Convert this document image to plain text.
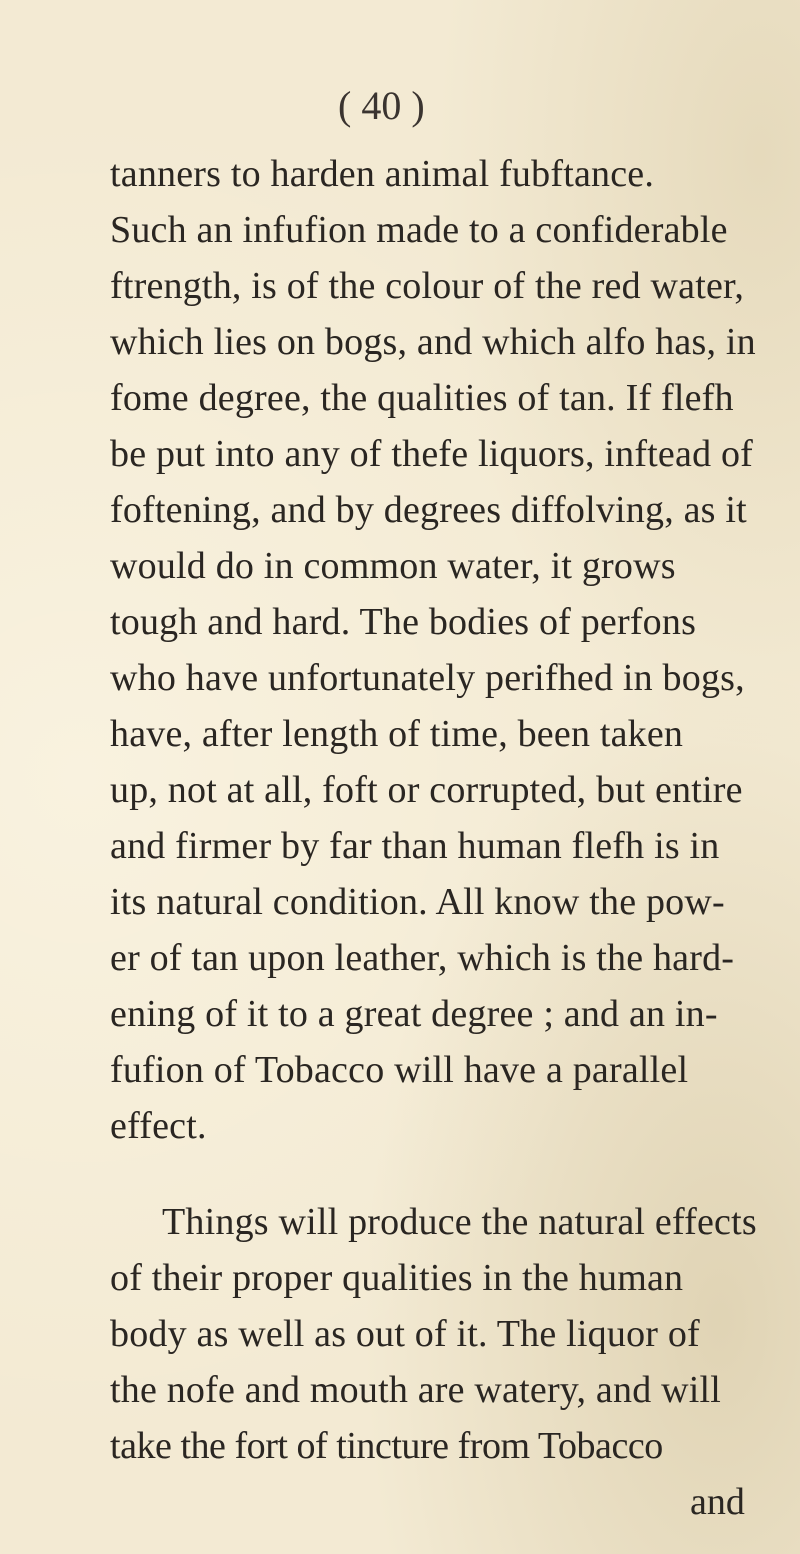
( 40 )
tanners to harden animal fubftance.
Such an infufion made to a confiderable
ftrength, is of the colour of the red water,
which lies on bogs, and which alfo has, in
fome degree, the qualities of tan. If flefh
be put into any of thefe liquors, inftead of
foftening, and by degrees diffolving, as it
would do in common water, it grows
tough and hard. The bodies of perfons
who have unfortunately perifhed in bogs,
have, after length of time, been taken
up, not at all, foft or corrupted, but entire
and firmer by far than human flefh is in
its natural condition. All know the pow-
er of tan upon leather, which is the hard-
ening of it to a great degree ; and an in-
fufion of Tobacco will have a parallel
effect.
Things will produce the natural effects
of their proper qualities in the human
body as well as out of it. The liquor of
the nofe and mouth are watery, and will
take the fort of tincture from Tobacco
and
